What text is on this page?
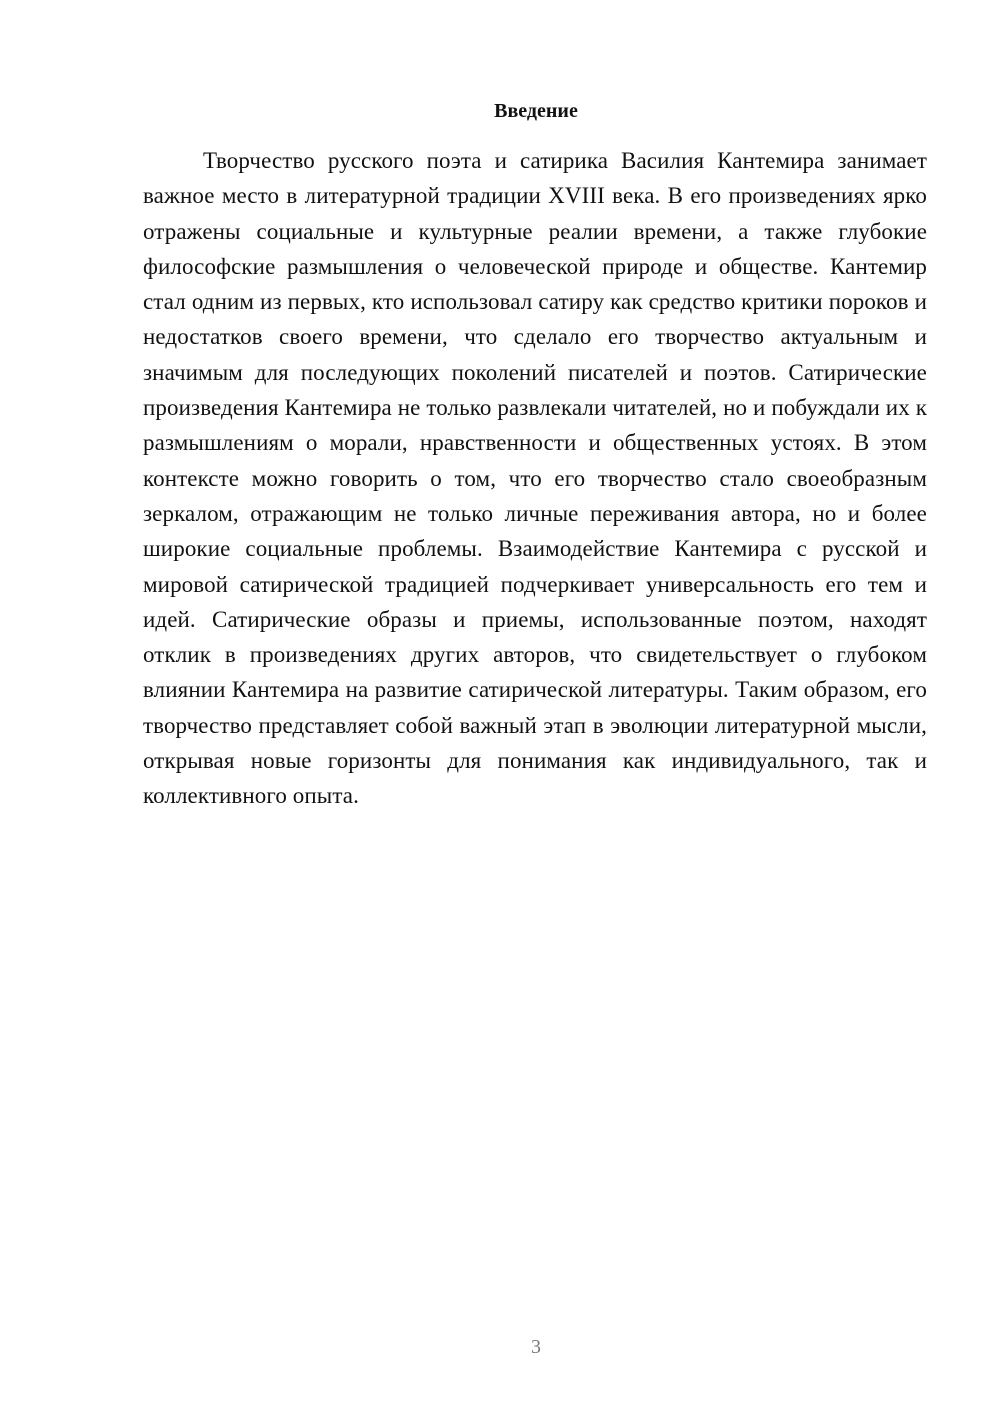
Введение

Творчество русского поэта и сатирика Василия Кантемира занимает важное место в литературной традиции XVIII века. В его произведениях ярко отражены социальные и культурные реалии времени, а также глубокие философские размышления о человеческой природе и обществе. Кантемир стал одним из первых, кто использовал сатиру как средство критики пороков и недостатков своего времени, что сделало его творчество актуальным и значимым для последующих поколений писателей и поэтов. Сатирические произведения Кантемира не только развлекали читателей, но и побуждали их к размышлениям о морали, нравственности и общественных устоях. В этом контексте можно говорить о том, что его творчество стало своеобразным зеркалом, отражающим не только личные переживания автора, но и более широкие социальные проблемы. Взаимодействие Кантемира с русской и мировой сатирической традицией подчеркивает универсальность его тем и идей. Сатирические образы и приемы, использованные поэтом, находят отклик в произведениях других авторов, что свидетельствует о глубоком влиянии Кантемира на развитие сатирической литературы. Таким образом, его творчество представляет собой важный этап в эволюции литературной мысли, открывая новые горизонты для понимания как индивидуального, так и коллективного опыта.

3
